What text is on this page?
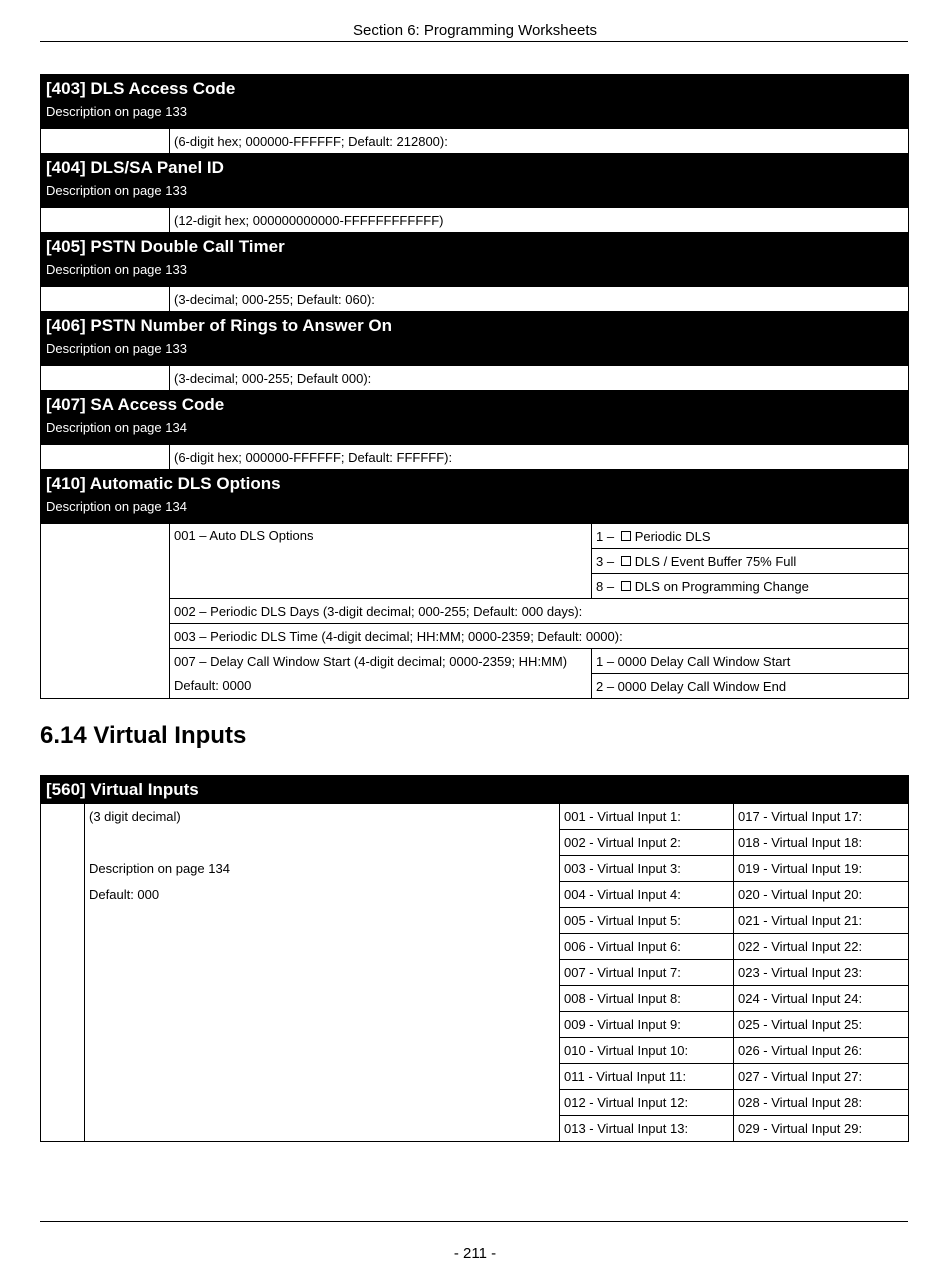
Section 6: Programming Worksheets
[403] DLS Access Code		
Description on page 133		
	(6-digit hex; 000000-FFFFFF; Default: 212800):	
[404] DLS/SA Panel ID		
Description on page 133		
	(12-digit hex; 000000000000-FFFFFFFFFFFF)	
[405] PSTN Double Call Timer		
Description on page 133		
	(3-decimal; 000-255; Default: 060):	
[406] PSTN Number of Rings to Answer On		
Description on page 133		
	(3-decimal; 000-255; Default 000):	
[407] SA Access Code		
Description on page 134		
	(6-digit hex; 000000-FFFFFF; Default: FFFFFF):	
[410] Automatic DLS Options		
Description on page 134		
	001 – Auto DLS Options	1 – Periodic DLS
		3 – DLS / Event Buffer 75% Full
		8 – DLS on Programming Change
	002 – Periodic DLS Days (3-digit decimal; 000-255; Default: 000 days):	
	003 – Periodic DLS Time (4-digit decimal; HH:MM; 0000-2359; Default: 0000):	
	007 – Delay Call Window Start (4-digit decimal; 0000-2359; HH:MM)	1 – 0000 Delay Call Window Start
	Default: 0000	2 – 0000 Delay Call Window End
6.14 Virtual Inputs
[560] Virtual Inputs			
	(3 digit decimal)	001 - Virtual Input 1:	017 - Virtual Input 17:
		002 - Virtual Input 2:	018 - Virtual Input 18:
	Description on page 134	003 - Virtual Input 3:	019 - Virtual Input 19:
	Default: 000	004 - Virtual Input 4:	020 - Virtual Input 20:
		005 - Virtual Input 5:	021 - Virtual Input 21:
		006 - Virtual Input 6:	022 - Virtual Input 22:
		007 - Virtual Input 7:	023 - Virtual Input 23:
		008 - Virtual Input 8:	024 - Virtual Input 24:
		009 - Virtual Input 9:	025 - Virtual Input 25:
		010 - Virtual Input 10:	026 - Virtual Input 26:
		011 - Virtual Input 11:	027 - Virtual Input 27:
		012 - Virtual Input 12:	028 - Virtual Input 28:
		013 - Virtual Input 13:	029 - Virtual Input 29:
- 211 -
